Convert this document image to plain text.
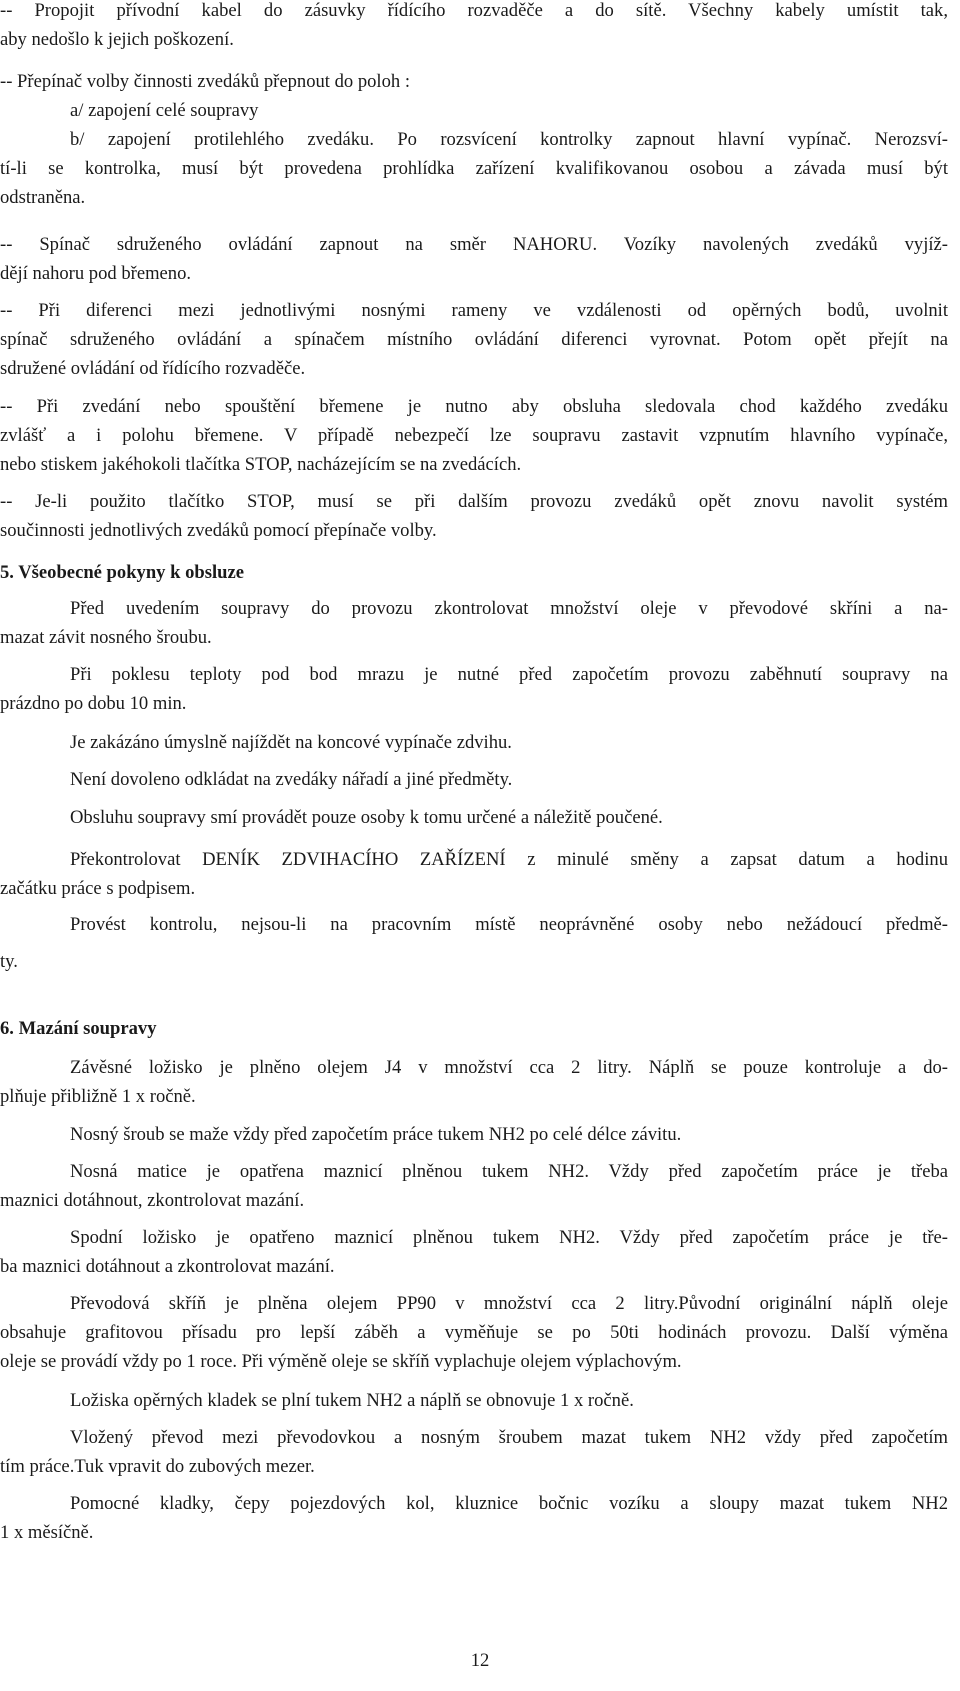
-- Propojit přívodní kabel do zásuvky řídícího rozvaděče a do sítě. Všechny kabely umístit tak,

aby nedošlo k jejich poškození.

-- Přepínač volby činnosti zvedáků přepnout do poloh :

a/ zapojení celé soupravy

b/ zapojení protilehlého zvedáku. Po rozsvícení kontrolky zapnout hlavní vypínač. Nerozsví-

tí-li se kontrolka, musí být provedena prohlídka zařízení kvalifikovanou osobou a závada musí být

odstraněna.

-- Spínač sdruženého ovládání zapnout na směr NAHORU. Vozíky navolených zvedáků vyjíž-

dějí nahoru pod břemeno.

-- Při diferenci mezi jednotlivými nosnými rameny ve vzdálenosti od opěrných bodů, uvolnit

spínač sdruženého ovládání a spínačem místního ovládání diferenci vyrovnat. Potom opět přejít na

sdružené ovládání od řídícího rozvaděče.

-- Při zvedání nebo spouštění břemene je nutno aby obsluha sledovala chod každého zvedáku

zvlášť a i polohu břemene. V případě nebezpečí lze soupravu zastavit vzpnutím hlavního vypínače,

nebo stiskem jakéhokoli tlačítka STOP, nacházejícím se na zvedácích.

-- Je-li použito tlačítko STOP, musí se při dalším provozu zvedáků opět znovu navolit systém

součinnosti jednotlivých zvedáků pomocí přepínače volby.

5. Všeobecné pokyny k obsluze

Před uvedením soupravy do provozu zkontrolovat množství oleje v převodové skříni a na-

mazat závit nosného šroubu.

Při poklesu teploty pod bod mrazu je nutné před započetím provozu zaběhnutí soupravy na

prázdno po dobu 10 min.

Je zakázáno úmyslně najíždět na koncové vypínače zdvihu.

Není dovoleno odkládat na zvedáky nářadí a jiné předměty.

Obsluhu soupravy smí provádět pouze osoby k tomu určené a náležitě poučené.

Překontrolovat DENÍK ZDVIHACÍHO ZAŘÍZENÍ z minulé směny a zapsat datum a hodinu

začátku práce s podpisem.

Provést kontrolu, nejsou-li na pracovním místě neoprávněné osoby nebo nežádoucí předmě-

ty.

6. Mazání soupravy

Závěsné ložisko je plněno olejem J4 v množství cca 2 litry. Náplň se pouze kontroluje a do-

plňuje přibližně 1 x ročně.

Nosný šroub se maže vždy před započetím práce tukem NH2 po celé délce závitu.

Nosná matice je opatřena maznicí plněnou tukem NH2. Vždy před započetím práce je třeba

maznici dotáhnout, zkontrolovat mazání.

Spodní ložisko je opatřeno maznicí plněnou tukem NH2. Vždy před započetím práce je tře-

ba maznici dotáhnout a zkontrolovat mazání.

Převodová skříň je plněna olejem PP90 v množství cca 2 litry.Původní originální náplň oleje

obsahuje grafitovou přísadu pro lepší záběh a vyměňuje se po 50ti hodinách provozu. Další výměna

oleje se provádí vždy po 1 roce. Při výměně oleje se skříň vyplachuje olejem výplachovým.

Ložiska opěrných kladek se plní tukem NH2 a náplň se obnovuje 1 x ročně.

Vložený převod mezi převodovkou a nosným šroubem mazat tukem NH2 vždy před započetím

tím práce.Tuk vpravit do zubových mezer.

Pomocné kladky, čepy pojezdových kol, kluznice bočnic vozíku a sloupy mazat tukem NH2

1 x měsíčně.

12
